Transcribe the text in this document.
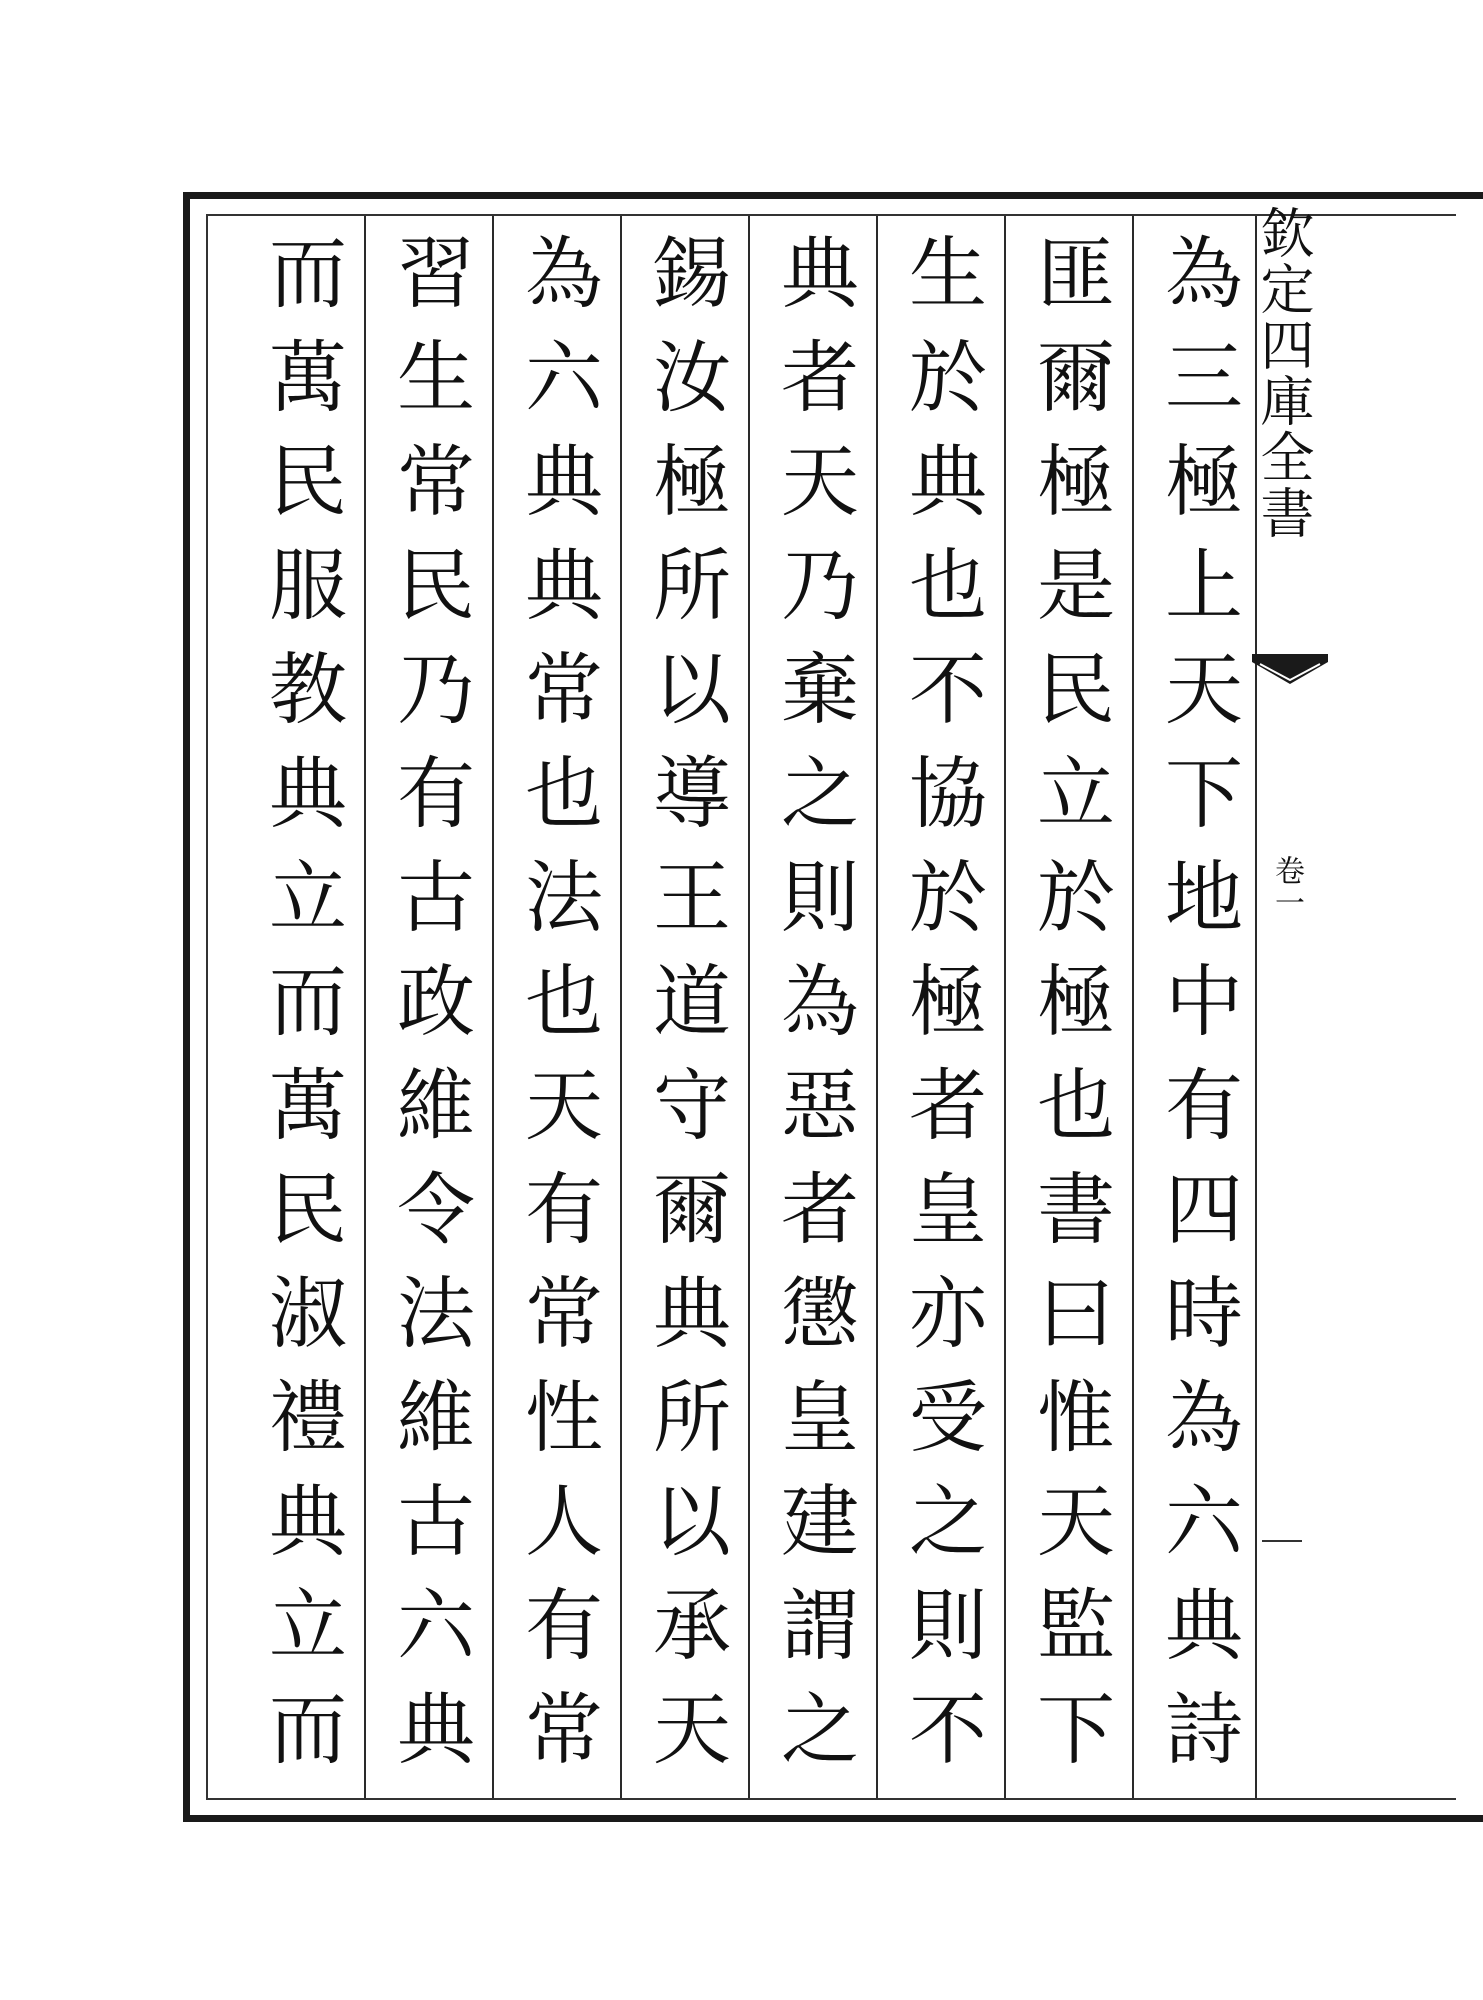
欽定四庫全書
卷一
為三極上天下地中有四時為六典詩
匪爾極是民立於極也書曰惟天監下
生於典也不協於極者皇亦受之則不
典者天乃棄之則為惡者懲皇建謂之
錫汝極所以導王道守爾典所以承天
為六典典常也法也天有常性人有常
習生常民乃有古政維令法維古六典
而萬民服教典立而萬民淑禮典立而
